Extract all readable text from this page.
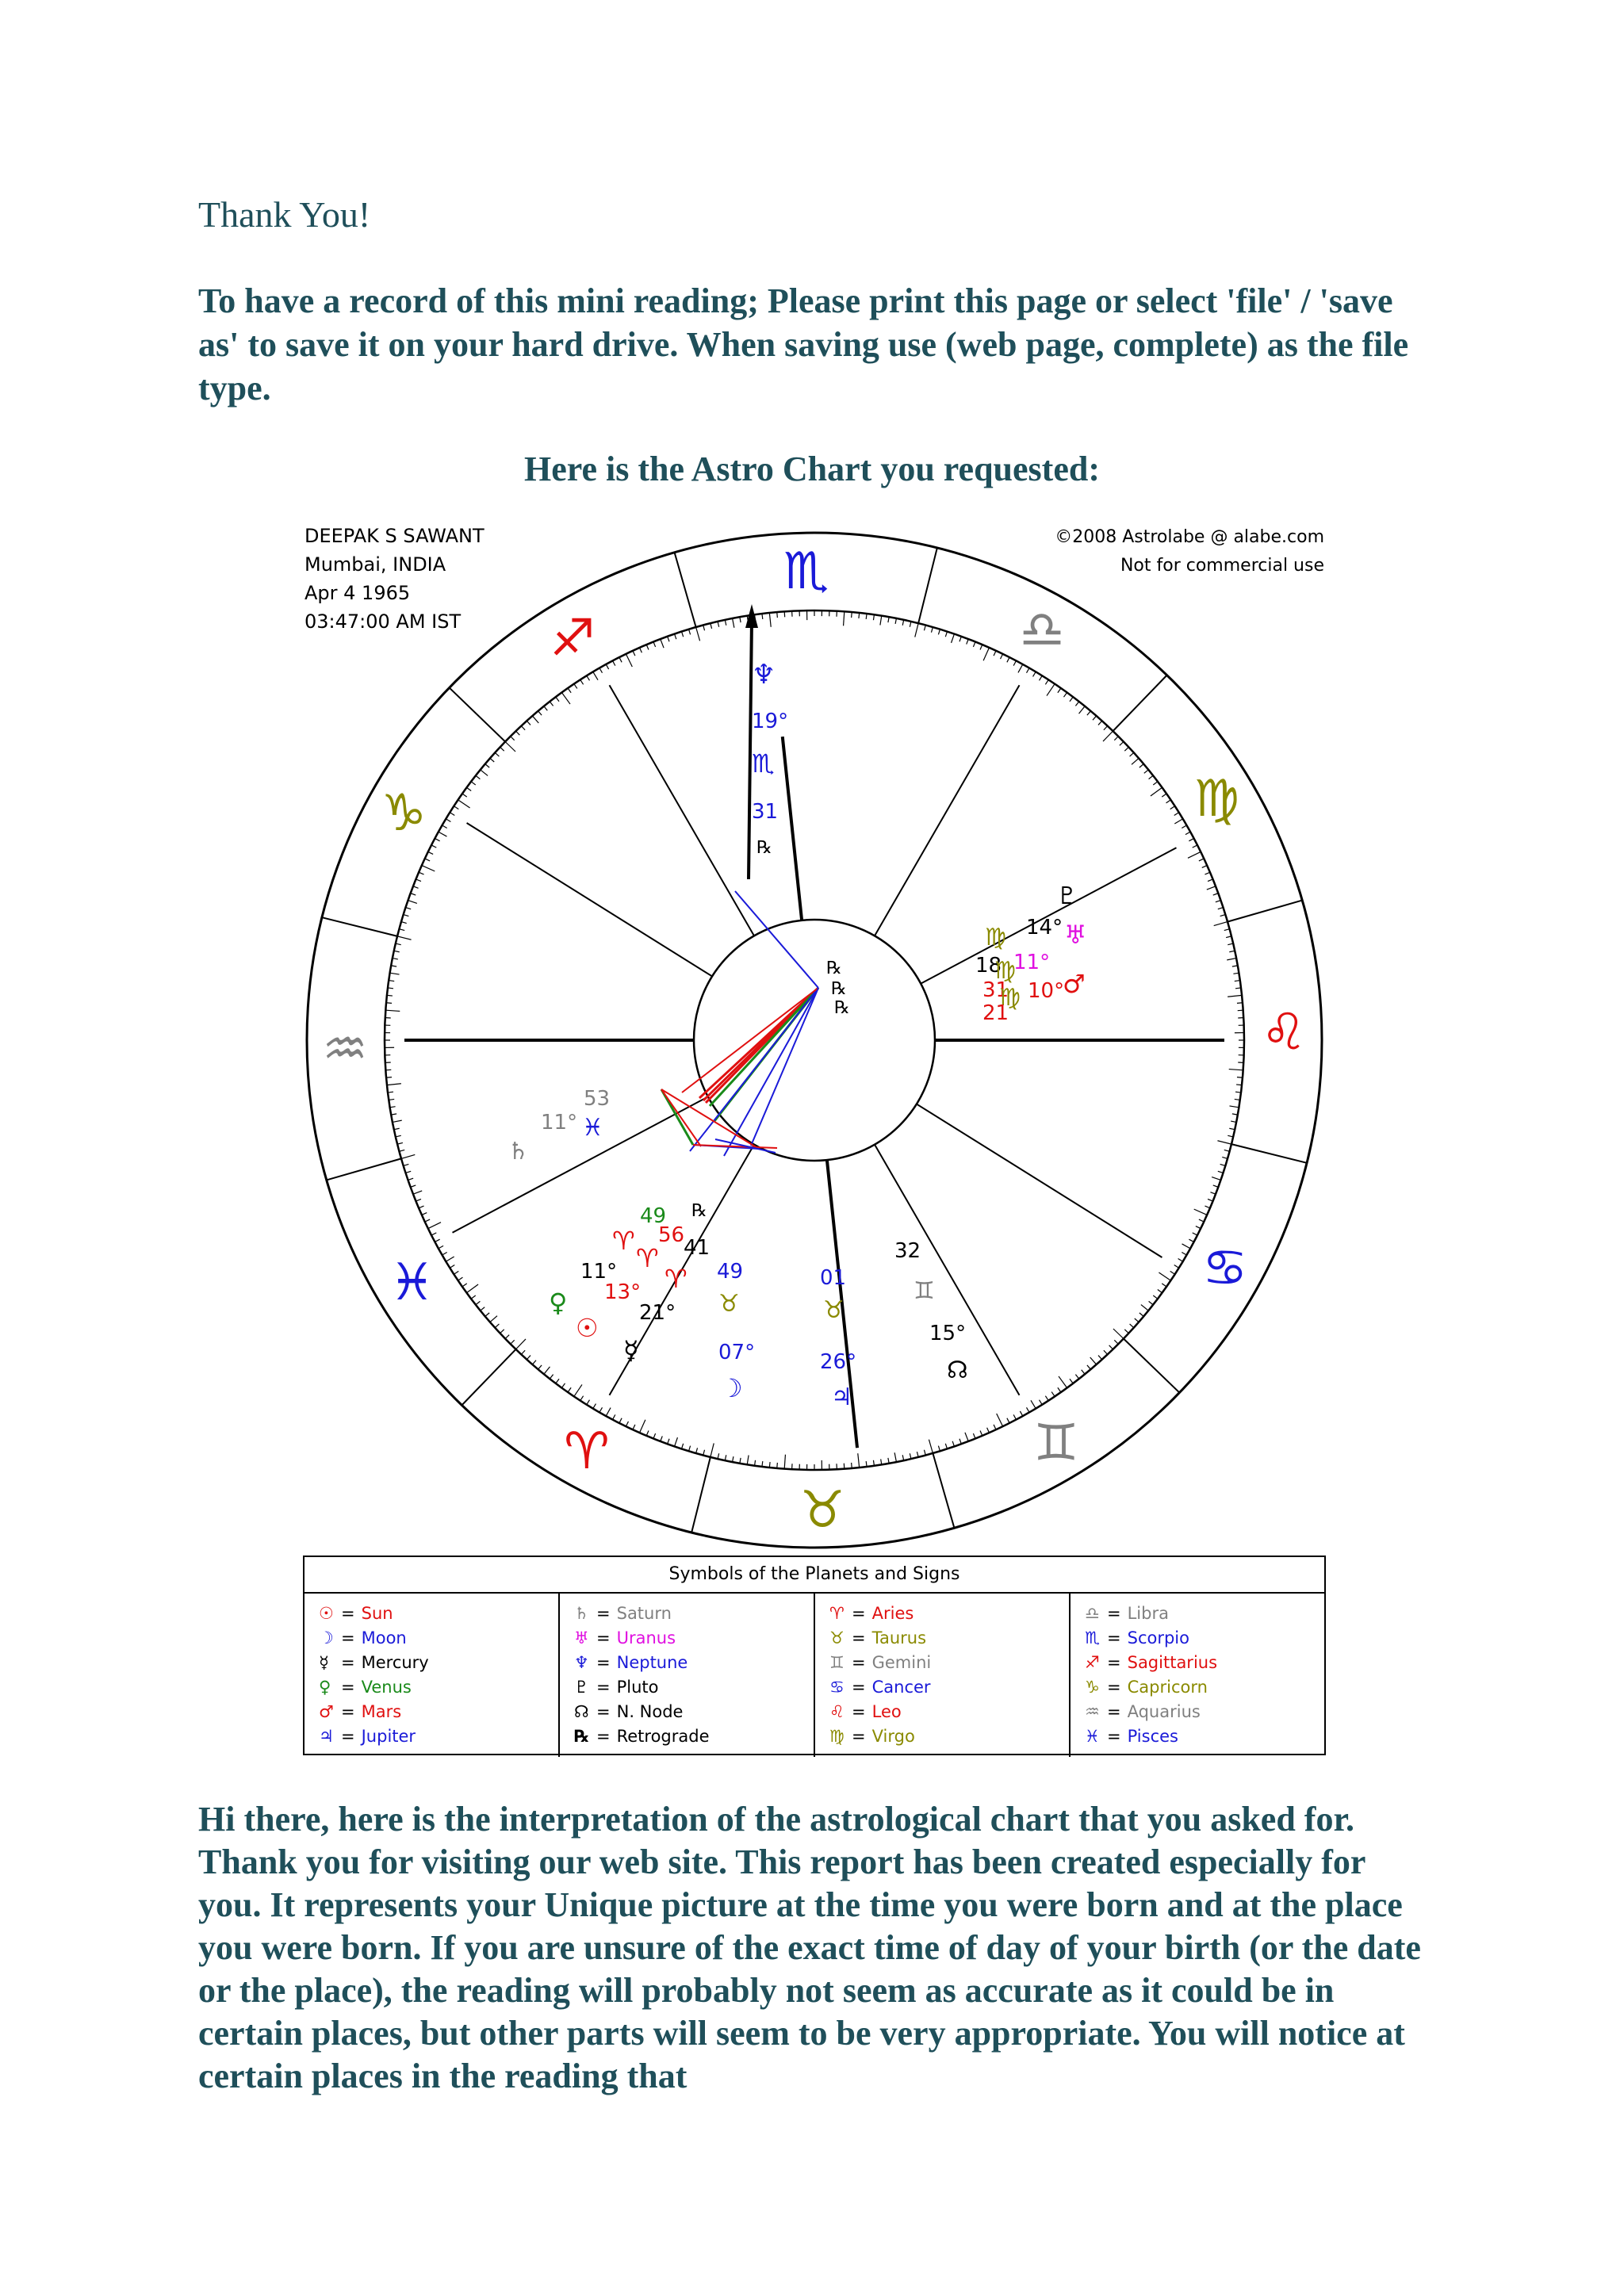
Thank You!
To have a record of this mini reading; Please print this page or select 'file' / 'save as' to save it on your hard drive. When saving use (web page, complete) as the file type.
Here is the Astro Chart you requested:
♏
♎
♍
♌
♋
♊
♉
♈
♓
♒
♑
♐
DEEPAK S SAWANT
Mumbai, INDIA
Apr 4 1965
03:47:00 AM IST
©2008 Astrolabe @ alabe.com
Not for commercial use
♆
19°
♏
31
℞
♇
14°
♍ ♅
18 11°
♍
31 10°
♂
♍
21
℞
℞
℞
11° ♓
53
♄
49
56
41
♈
♈
♈
11°
13°
21°
♀
☉
☿
49
♉
07°
☽
℞
01
♉
26°
♃
32
♊
15°
☊
Symbols of the Planets and Signs
☉ = Sun
☽ = Moon
☿ = Mercury
♀ = Venus
♂ = Mars
♃ = Jupiter
♄ = Saturn
♅ = Uranus
♆ = Neptune
♇ = Pluto
☊ = N. Node
℞ = Retrograde
♈ = Aries
♉ = Taurus
♊ = Gemini
♋ = Cancer
♌ = Leo
♍ = Virgo
♎ = Libra
♏ = Scorpio
♐ = Sagittarius
♑ = Capricorn
♒ = Aquarius
♓ = Pisces
Hi there, here is the interpretation of the astrological chart that you asked for. Thank you for visiting our web site. This report has been created especially for you. It represents your Unique picture at the time you were born and at the place you were born. If you are unsure of the exact time of day of your birth (or the date or the place), the reading will probably not seem as accurate as it could be in certain places, but other parts will seem to be very appropriate. You will notice at certain places in the reading that
